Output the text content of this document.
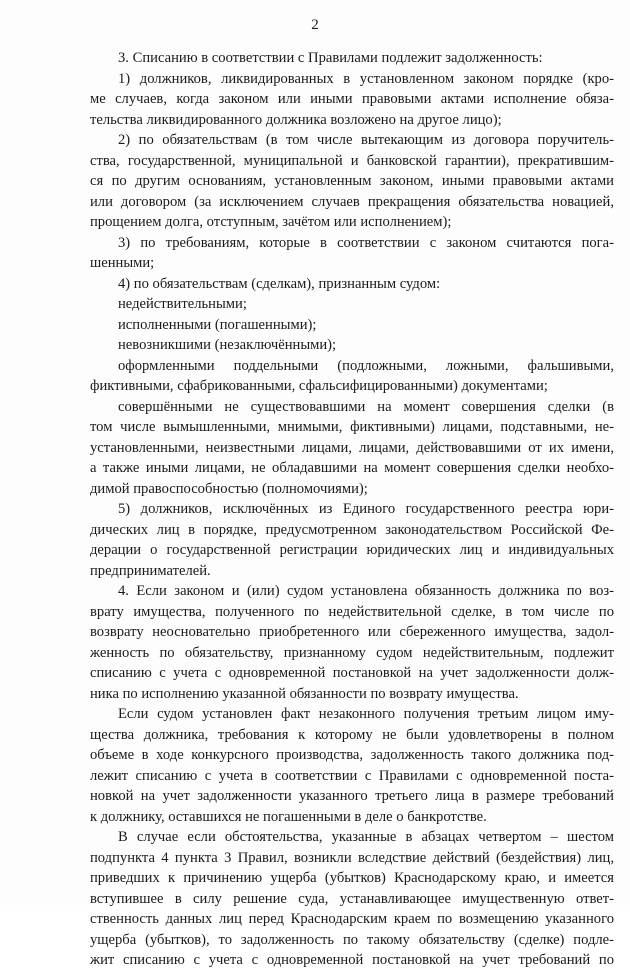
2
3. Списанию в соответствии с Правилами подлежит задолженность:
1) должников, ликвидированных в установленном законом порядке (кро-
ме случаев, когда законом или иными правовыми актами исполнение обяза-
тельства ликвидированного должника возложено на другое лицо);
2) по обязательствам (в том числе вытекающим из договора поручитель-
ства, государственной, муниципальной и банковской гарантии), прекратившим-
ся по другим основаниям, установленным законом, иными правовыми актами
или договором (за исключением случаев прекращения обязательства новацией,
прощением долга, отступным, зачётом или исполнением);
3) по требованиям, которые в соответствии с законом считаются пога-
шенными;
4) по обязательствам (сделкам), признанным судом:
недействительными;
исполненными (погашенными);
невозникшими (незаключёнными);
оформленными поддельными (подложными, ложными, фальшивыми,
фиктивными, сфабрикованными, сфальсифицированными) документами;
совершёнными не существовавшими на момент совершения сделки (в
том числе вымышленными, мнимыми, фиктивными) лицами, подставными, не-
установленными, неизвестными лицами, лицами, действовавшими от их имени,
а также иными лицами, не обладавшими на момент совершения сделки необхо-
димой правоспособностью (полномочиями);
5) должников, исключённых из Единого государственного реестра юри-
дических лиц в порядке, предусмотренном законодательством Российской Фе-
дерации о государственной регистрации юридических лиц и индивидуальных
предпринимателей.
4. Если законом и (или) судом установлена обязанность должника по воз-
врату имущества, полученного по недействительной сделке, в том числе по
возврату неосновательно приобретенного или сбереженного имущества, задол-
женность по обязательству, признанному судом недействительным, подлежит
списанию с учета с одновременной постановкой на учет задолженности долж-
ника по исполнению указанной обязанности по возврату имущества.
Если судом установлен факт незаконного получения третьим лицом иму-
щества должника, требования к которому не были удовлетворены в полном
объеме в ходе конкурсного производства, задолженность такого должника под-
лежит списанию с учета в соответствии с Правилами с одновременной поста-
новкой на учет задолженности указанного третьего лица в размере требований
к должнику, оставшихся не погашенными в деле о банкротстве.
В случае если обстоятельства, указанные в абзацах четвертом – шестом
подпункта 4 пункта 3 Правил, возникли вследствие действий (бездействия) лиц,
приведших к причинению ущерба (убытков) Краснодарскому краю, и имеется
вступившее в силу решение суда, устанавливающее имущественную ответ-
ственность данных лиц перед Краснодарским краем по возмещению указанного
ущерба (убытков), то задолженность по такому обязательству (сделке) подле-
жит списанию с учета с одновременной постановкой на учет требований по
